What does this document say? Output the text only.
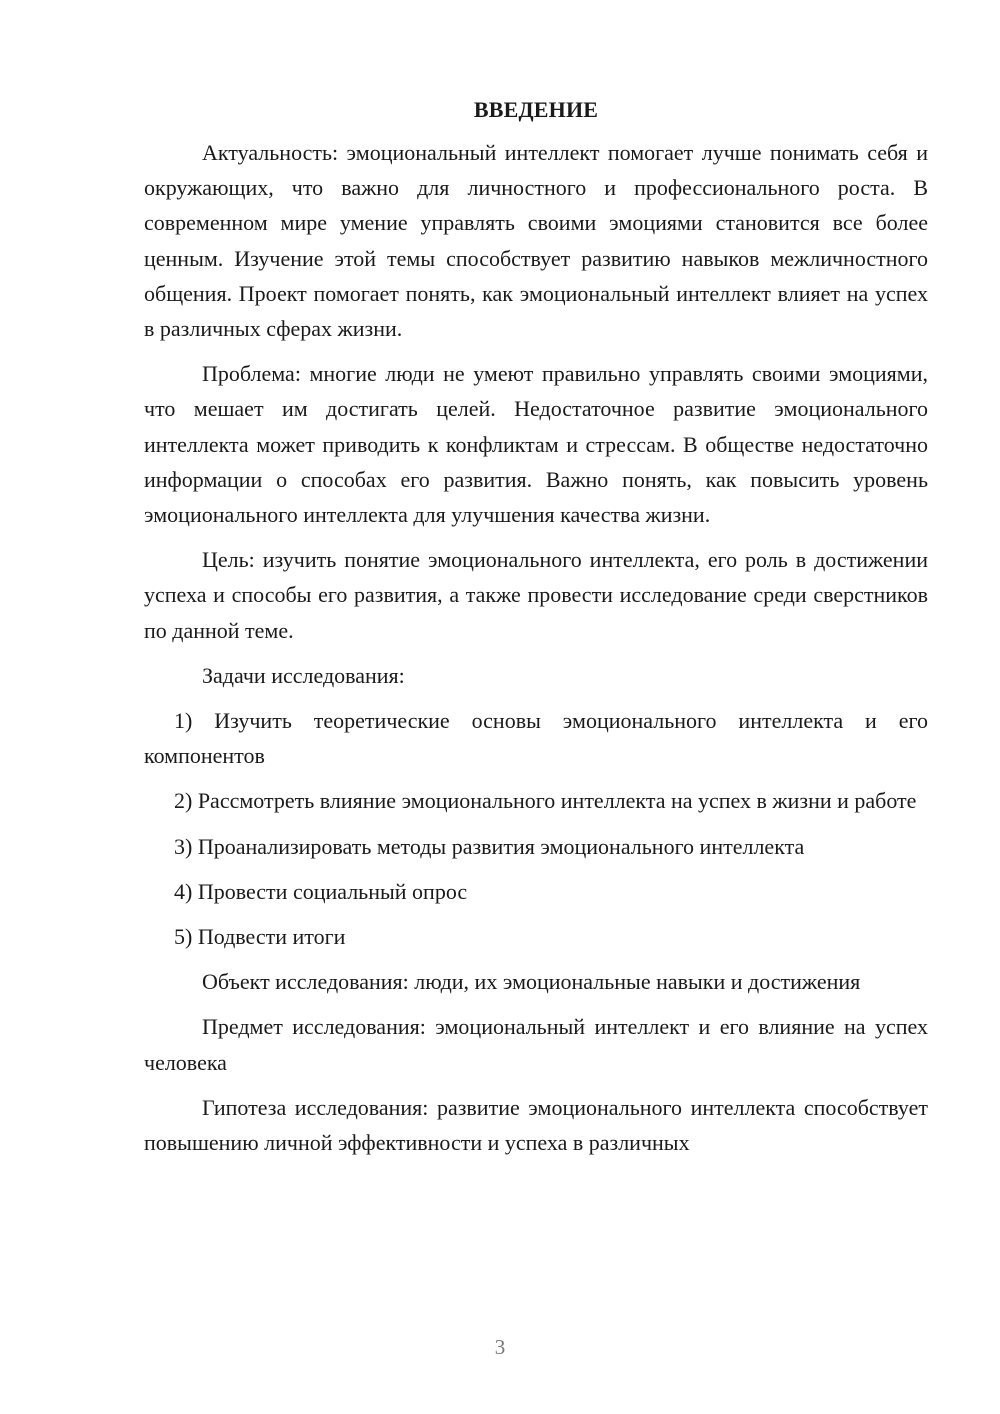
ВВЕДЕНИЕ

Актуальность: эмоциональный интеллект помогает лучше понимать себя и окружающих, что важно для личностного и профессионального роста. В современном мире умение управлять своими эмоциями становится все более ценным. Изучение этой темы способствует развитию навыков межличностного общения. Проект помогает понять, как эмоциональный интеллект влияет на успех в различных сферах жизни.

Проблема: многие люди не умеют правильно управлять своими эмоциями, что мешает им достигать целей. Недостаточное развитие эмоционального интеллекта может приводить к конфликтам и стрессам. В обществе недостаточно информации о способах его развития. Важно понять, как повысить уровень эмоционального интеллекта для улучшения качества жизни.

Цель: изучить понятие эмоционального интеллекта, его роль в достижении успеха и способы его развития, а также провести исследование среди сверстников по данной теме.

Задачи исследования:

1) Изучить теоретические основы эмоционального интеллекта и его компонентов

2) Рассмотреть влияние эмоционального интеллекта на успех в жизни и работе

3) Проанализировать методы развития эмоционального интеллекта

4) Провести социальный опрос

5) Подвести итоги

Объект исследования: люди, их эмоциональные навыки и достижения

Предмет исследования: эмоциональный интеллект и его влияние на успех человека

Гипотеза исследования: развитие эмоционального интеллекта способствует повышению личной эффективности и успеха в различных

3
